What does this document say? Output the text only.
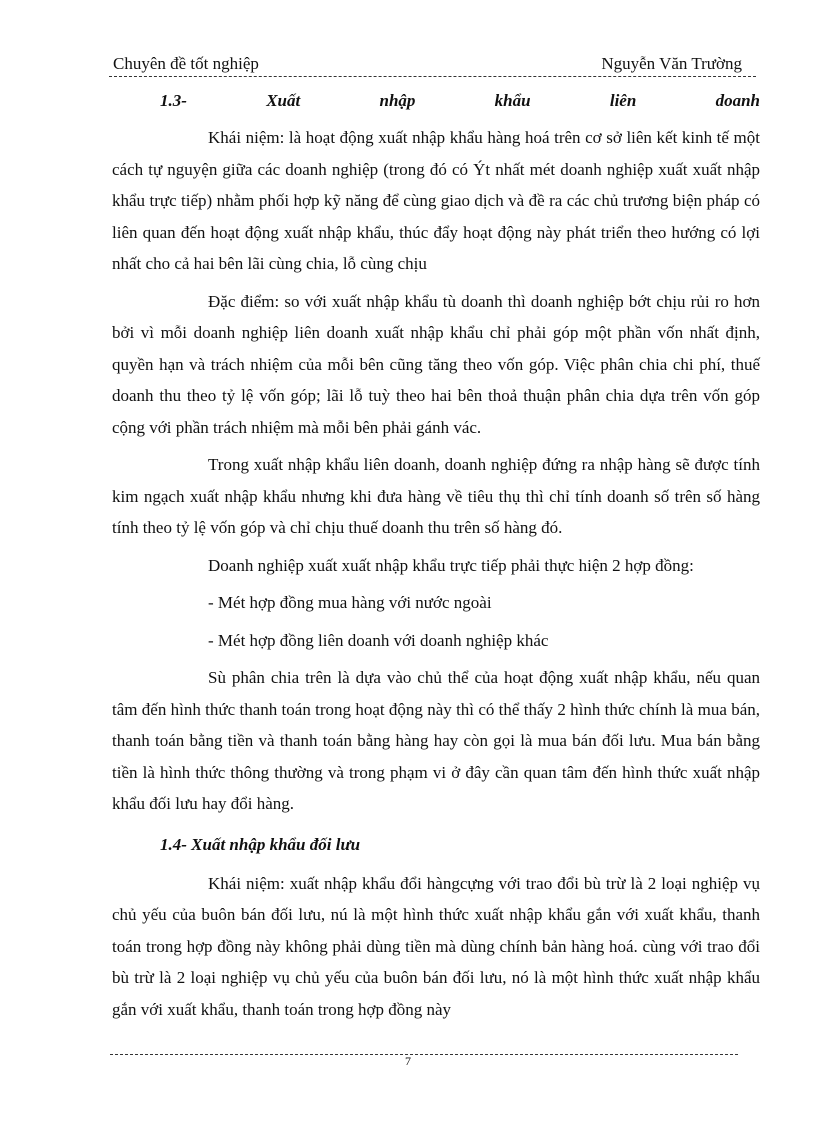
Chuyên đề tốt nghiệp	Nguyễn Văn Trường
1.3-	Xuất	nhập	khẩu	liên	doanh

Khái niệm: là hoạt động xuất nhập khẩu hàng hoá trên cơ sở liên kết kinh tế một cách tự nguyện giữa các doanh nghiệp (trong đó có Ýt nhất mét doanh nghiệp xuất xuất nhập khẩu trực tiếp) nhằm phối hợp kỹ năng để cùng giao dịch và đề ra các chủ trương biện pháp có liên quan đến hoạt động xuất nhập khẩu, thúc đẩy hoạt động này phát triển theo hướng có lợi nhất cho cả hai bên lãi cùng chia, lỗ cùng chịu

Đặc điểm: so với xuất nhập khẩu tù doanh thì doanh nghiệp bớt chịu rủi ro hơn bởi vì mỗi doanh nghiệp liên doanh xuất nhập khẩu chỉ phải góp một phần vốn nhất định, quyền hạn và trách nhiệm của mỗi bên cũng tăng theo vốn góp. Việc phân chia chi phí, thuế doanh thu theo tỷ lệ vốn góp; lãi lỗ tuỳ theo hai bên thoả thuận phân chia dựa trên vốn góp cộng với phần trách nhiệm mà mỗi bên phải gánh vác.

Trong xuất nhập khẩu liên doanh, doanh nghiệp đứng ra nhập hàng sẽ được tính kim ngạch xuất nhập khẩu nhưng khi đưa hàng về tiêu thụ thì chỉ tính doanh số trên số hàng tính theo tỷ lệ vốn góp và chỉ chịu thuế doanh thu trên số hàng đó.

Doanh nghiệp xuất xuất nhập khẩu trực tiếp phải thực hiện 2 hợp đồng:

- Mét hợp đồng mua hàng với nước ngoài

- Mét hợp đồng liên doanh với doanh nghiệp khác

Sù phân chia trên là dựa vào chủ thể của hoạt động xuất nhập khẩu, nếu quan tâm đến hình thức thanh toán trong hoạt động này thì có thể thấy 2 hình thức chính là mua bán, thanh toán bằng tiền và thanh toán bằng hàng hay còn gọi là mua bán đối lưu. Mua bán bằng tiền là hình thức thông thường và trong phạm vi ở đây cần quan tâm đến hình thức xuất nhập khẩu đối lưu hay đổi hàng.

1.4- Xuất nhập khẩu đối lưu

Khái niệm: xuất nhập khẩu đổi hàngcựng với trao đổi bù trừ là 2 loại nghiệp vụ chủ yếu của buôn bán đối lưu, nú là một hình thức xuất nhập khẩu gắn với xuất khẩu, thanh toán trong hợp đồng này không phải dùng tiền mà dùng chính bản hàng hoá. cùng với trao đổi bù trừ là 2 loại nghiệp vụ chủ yếu của buôn bán đối lưu, nó là một hình thức xuất nhập khẩu gắn với xuất khẩu, thanh toán trong hợp đồng này

7
